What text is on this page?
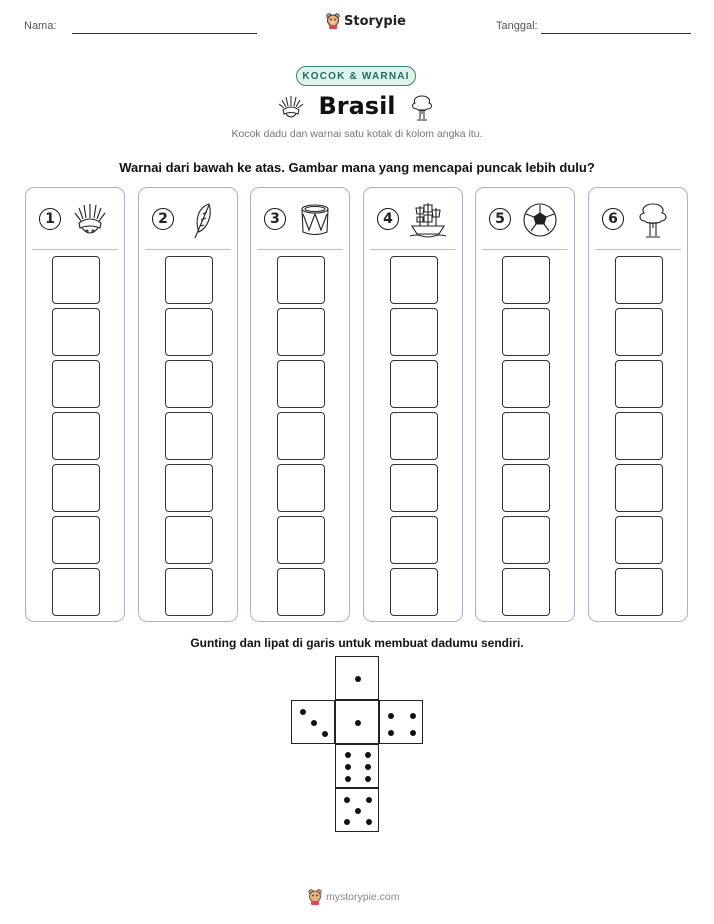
Nama:	Storypie	Tanggal:
KOCOK & WARNAI
Brasil
Kocok dadu dan warnai satu kotak di kolom angka itu.
Warnai dari bawah ke atas. Gambar mana yang mencapai puncak lebih dulu?
1	2	3	4	5	6
Gunting dan lipat di garis untuk membuat dadumu sendiri.
mystorypie.com
